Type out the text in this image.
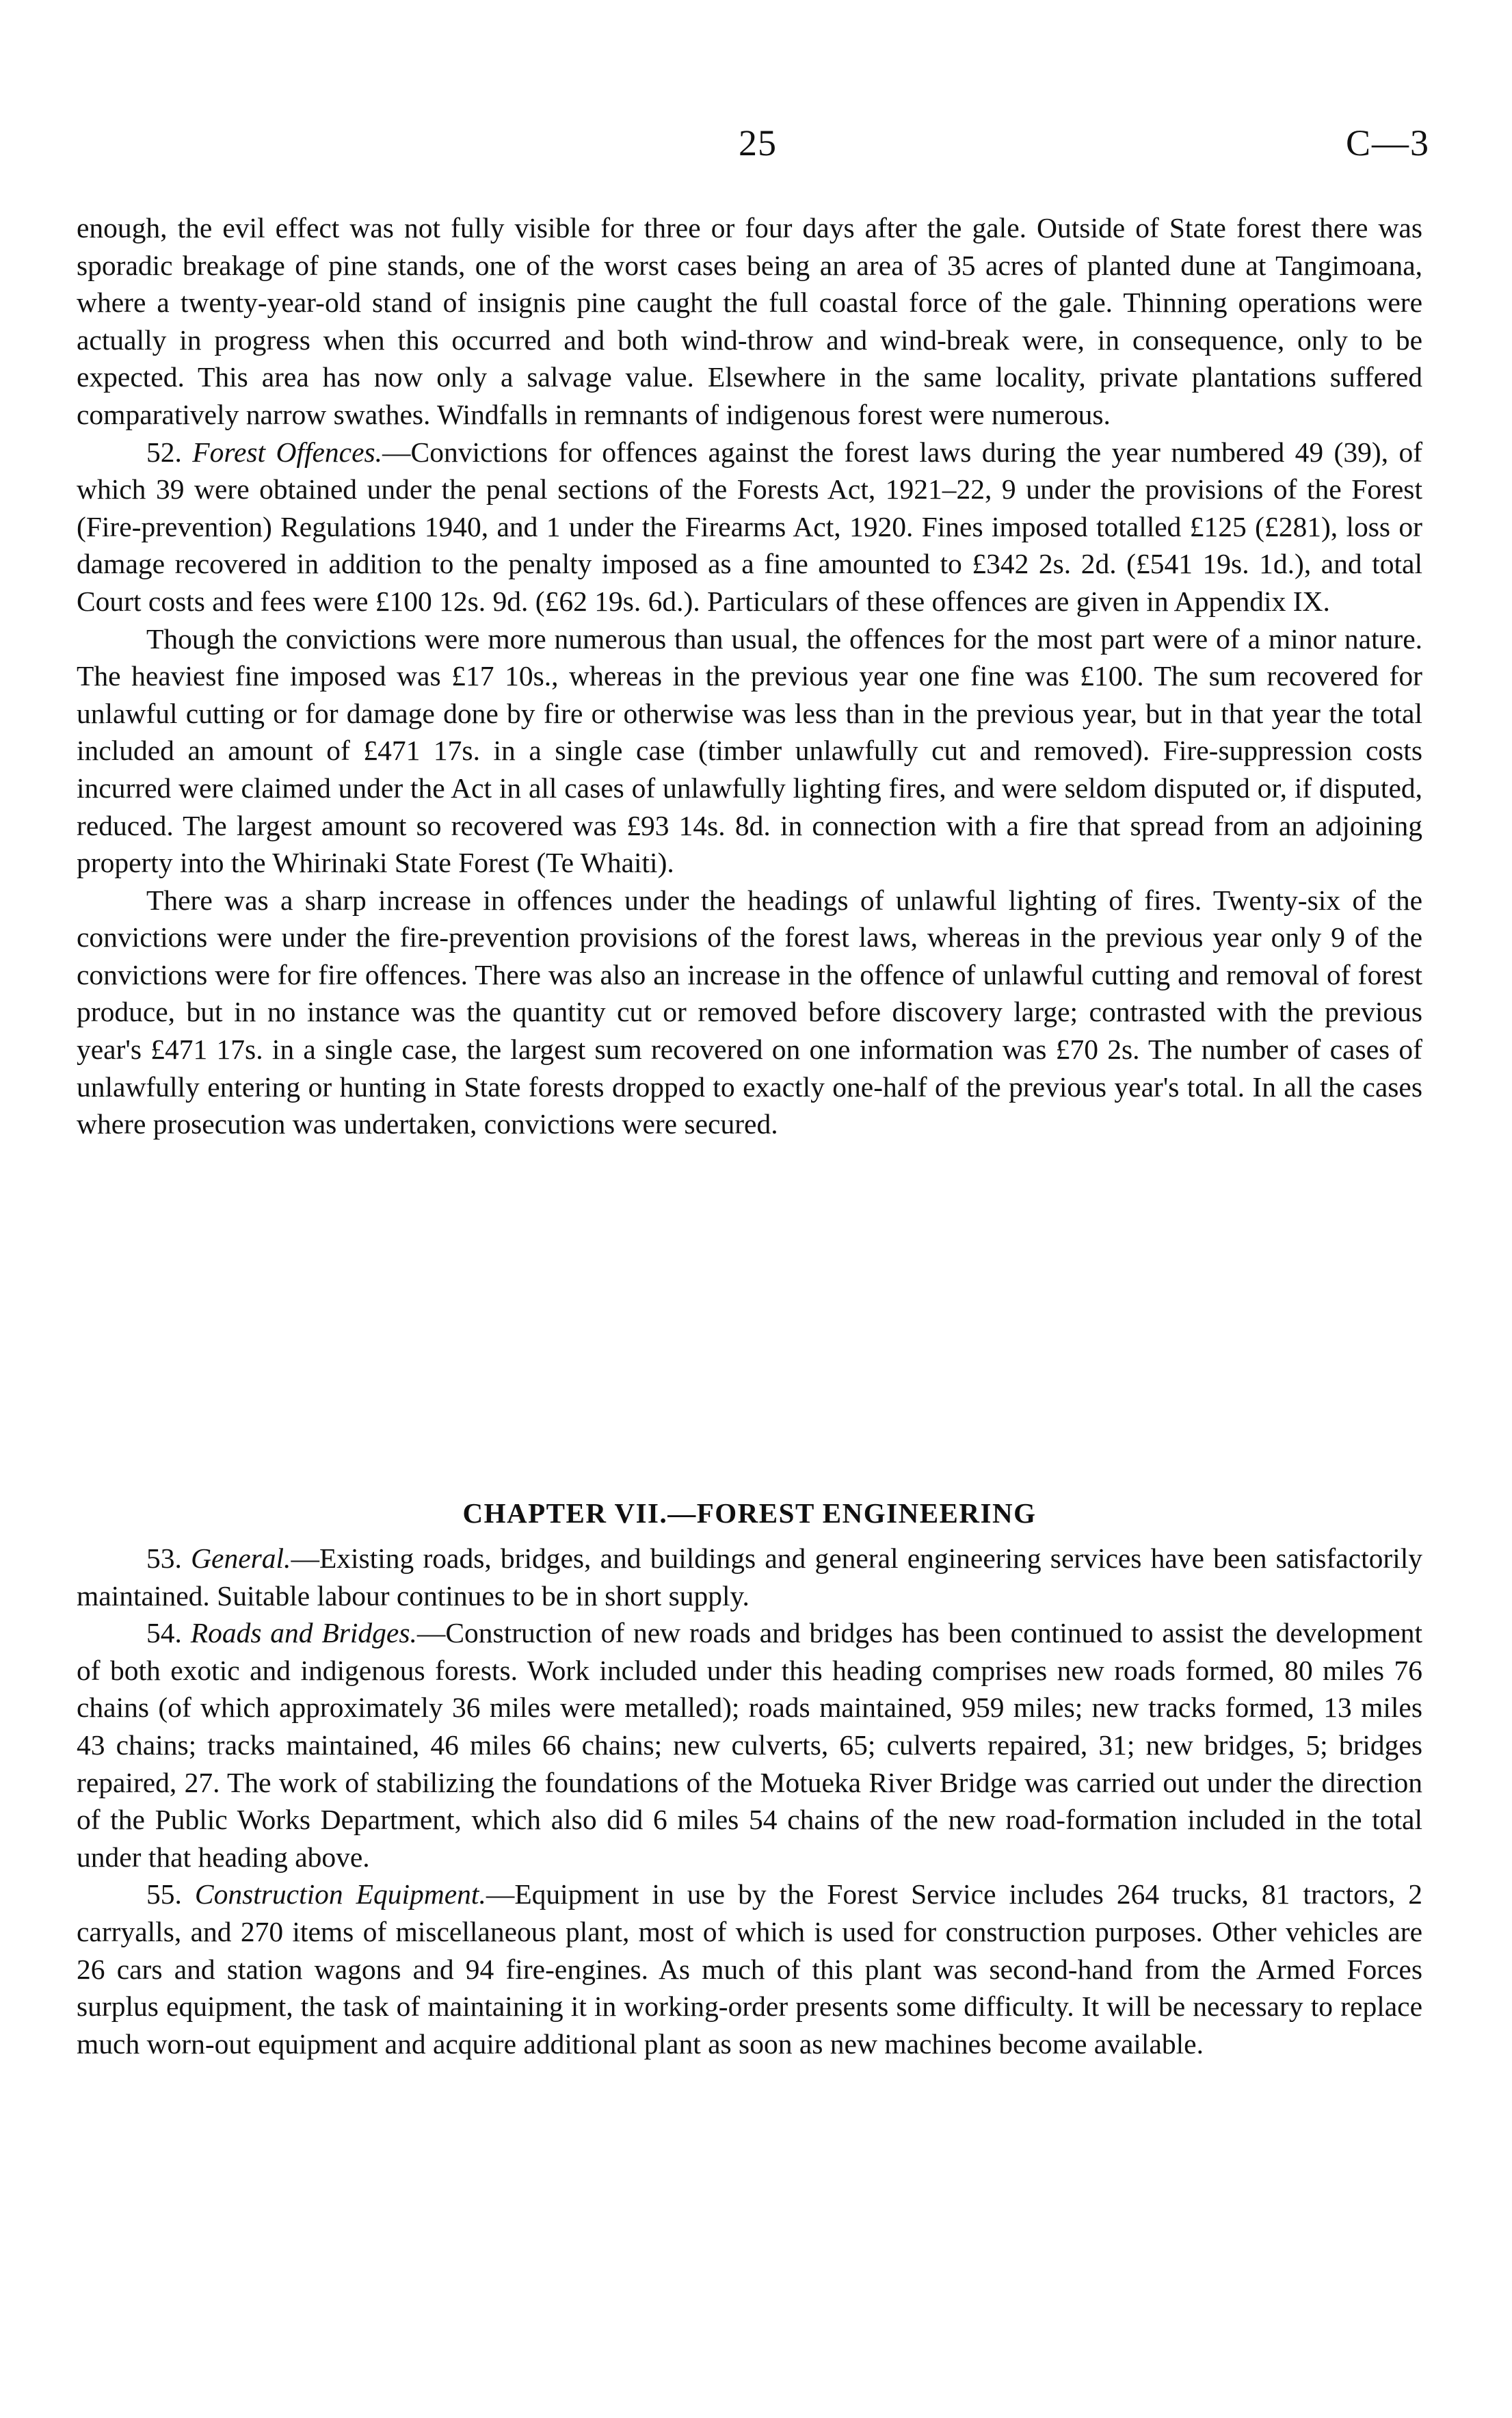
25	C—3

enough, the evil effect was not fully visible for three or four days after the gale. Outside of State forest there was sporadic breakage of pine stands, one of the worst cases being an area of 35 acres of planted dune at Tangimoana, where a twenty-year-old stand of insignis pine caught the full coastal force of the gale. Thinning operations were actually in progress when this occurred and both wind-throw and wind-break were, in consequence, only to be expected. This area has now only a salvage value. Elsewhere in the same locality, private plantations suffered comparatively narrow swathes. Windfalls in remnants of indigenous forest were numerous.

52. Forest Offences.—Convictions for offences against the forest laws during the year numbered 49 (39), of which 39 were obtained under the penal sections of the Forests Act, 1921–22, 9 under the provisions of the Forest (Fire-prevention) Regulations 1940, and 1 under the Firearms Act, 1920. Fines imposed totalled £125 (£281), loss or damage recovered in addition to the penalty imposed as a fine amounted to £342 2s. 2d. (£541 19s. 1d.), and total Court costs and fees were £100 12s. 9d. (£62 19s. 6d.). Particulars of these offences are given in Appendix IX.

Though the convictions were more numerous than usual, the offences for the most part were of a minor nature. The heaviest fine imposed was £17 10s., whereas in the previous year one fine was £100. The sum recovered for unlawful cutting or for damage done by fire or otherwise was less than in the previous year, but in that year the total included an amount of £471 17s. in a single case (timber unlawfully cut and removed). Fire-suppression costs incurred were claimed under the Act in all cases of unlawfully lighting fires, and were seldom disputed or, if disputed, reduced. The largest amount so recovered was £93 14s. 8d. in connection with a fire that spread from an adjoining property into the Whirinaki State Forest (Te Whaiti).

There was a sharp increase in offences under the headings of unlawful lighting of fires. Twenty-six of the convictions were under the fire-prevention provisions of the forest laws, whereas in the previous year only 9 of the convictions were for fire offences. There was also an increase in the offence of unlawful cutting and removal of forest produce, but in no instance was the quantity cut or removed before discovery large; contrasted with the previous year's £471 17s. in a single case, the largest sum recovered on one information was £70 2s. The number of cases of unlawfully entering or hunting in State forests dropped to exactly one-half of the previous year's total. In all the cases where prosecution was undertaken, convictions were secured.

CHAPTER VII.—FOREST ENGINEERING

53. General.—Existing roads, bridges, and buildings and general engineering services have been satisfactorily maintained. Suitable labour continues to be in short supply.

54. Roads and Bridges.—Construction of new roads and bridges has been continued to assist the development of both exotic and indigenous forests. Work included under this heading comprises new roads formed, 80 miles 76 chains (of which approximately 36 miles were metalled); roads maintained, 959 miles; new tracks formed, 13 miles 43 chains; tracks maintained, 46 miles 66 chains; new culverts, 65; culverts repaired, 31; new bridges, 5; bridges repaired, 27. The work of stabilizing the foundations of the Motueka River Bridge was carried out under the direction of the Public Works Department, which also did 6 miles 54 chains of the new road-formation included in the total under that heading above.

55. Construction Equipment.—Equipment in use by the Forest Service includes 264 trucks, 81 tractors, 2 carryalls, and 270 items of miscellaneous plant, most of which is used for construction purposes. Other vehicles are 26 cars and station wagons and 94 fire-engines. As much of this plant was second-hand from the Armed Forces surplus equipment, the task of maintaining it in working-order presents some difficulty. It will be necessary to replace much worn-out equipment and acquire additional plant as soon as new machines become available.
